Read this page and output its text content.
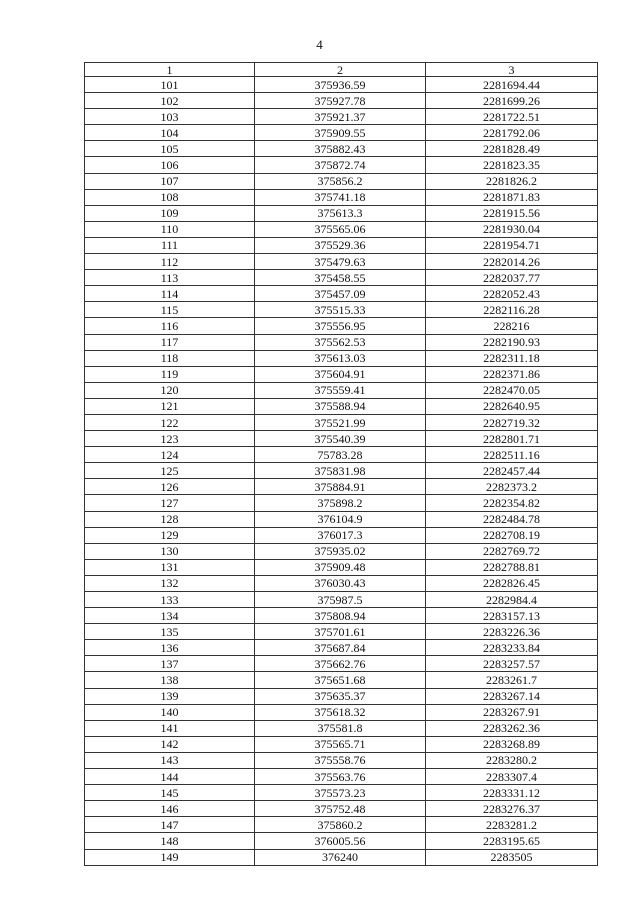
4
1	2	3
101	375936.59	2281694.44
102	375927.78	2281699.26
103	375921.37	2281722.51
104	375909.55	2281792.06
105	375882.43	2281828.49
106	375872.74	2281823.35
107	375856.2	2281826.2
108	375741.18	2281871.83
109	375613.3	2281915.56
110	375565.06	2281930.04
111	375529.36	2281954.71
112	375479.63	2282014.26
113	375458.55	2282037.77
114	375457.09	2282052.43
115	375515.33	2282116.28
116	375556.95	228216
117	375562.53	2282190.93
118	375613.03	2282311.18
119	375604.91	2282371.86
120	375559.41	2282470.05
121	375588.94	2282640.95
122	375521.99	2282719.32
123	375540.39	2282801.71
124	75783.28	2282511.16
125	375831.98	2282457.44
126	375884.91	2282373.2
127	375898.2	2282354.82
128	376104.9	2282484.78
129	376017.3	2282708.19
130	375935.02	2282769.72
131	375909.48	2282788.81
132	376030.43	2282826.45
133	375987.5	2282984.4
134	375808.94	2283157.13
135	375701.61	2283226.36
136	375687.84	2283233.84
137	375662.76	2283257.57
138	375651.68	2283261.7
139	375635.37	2283267.14
140	375618.32	2283267.91
141	375581.8	2283262.36
142	375565.71	2283268.89
143	375558.76	2283280.2
144	375563.76	2283307.4
145	375573.23	2283331.12
146	375752.48	2283276.37
147	375860.2	2283281.2
148	376005.56	2283195.65
149	376240	2283505
